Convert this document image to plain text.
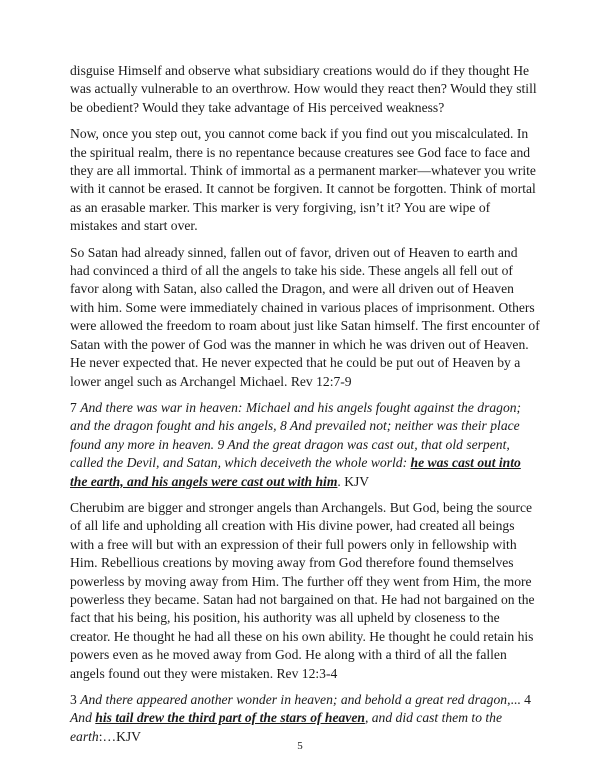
disguise Himself and observe what subsidiary creations would do if they thought He was actually vulnerable to an overthrow. How would they react then? Would they still be obedient? Would they take advantage of His perceived weakness?

Now, once you step out, you cannot come back if you find out you miscalculated. In the spiritual realm, there is no repentance because creatures see God face to face and they are all immortal. Think of immortal as a permanent marker—whatever you write with it cannot be erased. It cannot be forgiven. It cannot be forgotten. Think of mortal as an erasable marker. This marker is very forgiving, isn’t it? You are wipe of mistakes and start over.

So Satan had already sinned, fallen out of favor, driven out of Heaven to earth and had convinced a third of all the angels to take his side. These angels all fell out of favor along with Satan, also called the Dragon, and were all driven out of Heaven with him. Some were immediately chained in various places of imprisonment. Others were allowed the freedom to roam about just like Satan himself. The first encounter of Satan with the power of God was the manner in which he was driven out of Heaven. He never expected that. He never expected that he could be put out of Heaven by a lower angel such as Archangel Michael. Rev 12:7-9

7 And there was war in heaven: Michael and his angels fought against the dragon; and the dragon fought and his angels, 8 And prevailed not; neither was their place found any more in heaven. 9 And the great dragon was cast out, that old serpent, called the Devil, and Satan, which deceiveth the whole world: he was cast out into the earth, and his angels were cast out with him. KJV

Cherubim are bigger and stronger angels than Archangels. But God, being the source of all life and upholding all creation with His divine power, had created all beings with a free will but with an expression of their full powers only in fellowship with Him. Rebellious creations by moving away from God therefore found themselves powerless by moving away from Him. The further off they went from Him, the more powerless they became. Satan had not bargained on that. He had not bargained on the fact that his being, his position, his authority was all upheld by closeness to the creator. He thought he had all these on his own ability. He thought he could retain his powers even as he moved away from God. He along with a third of all the fallen angels found out they were mistaken. Rev 12:3-4

3 And there appeared another wonder in heaven; and behold a great red dragon,... 4 And his tail drew the third part of the stars of heaven, and did cast them to the earth:…KJV

5
